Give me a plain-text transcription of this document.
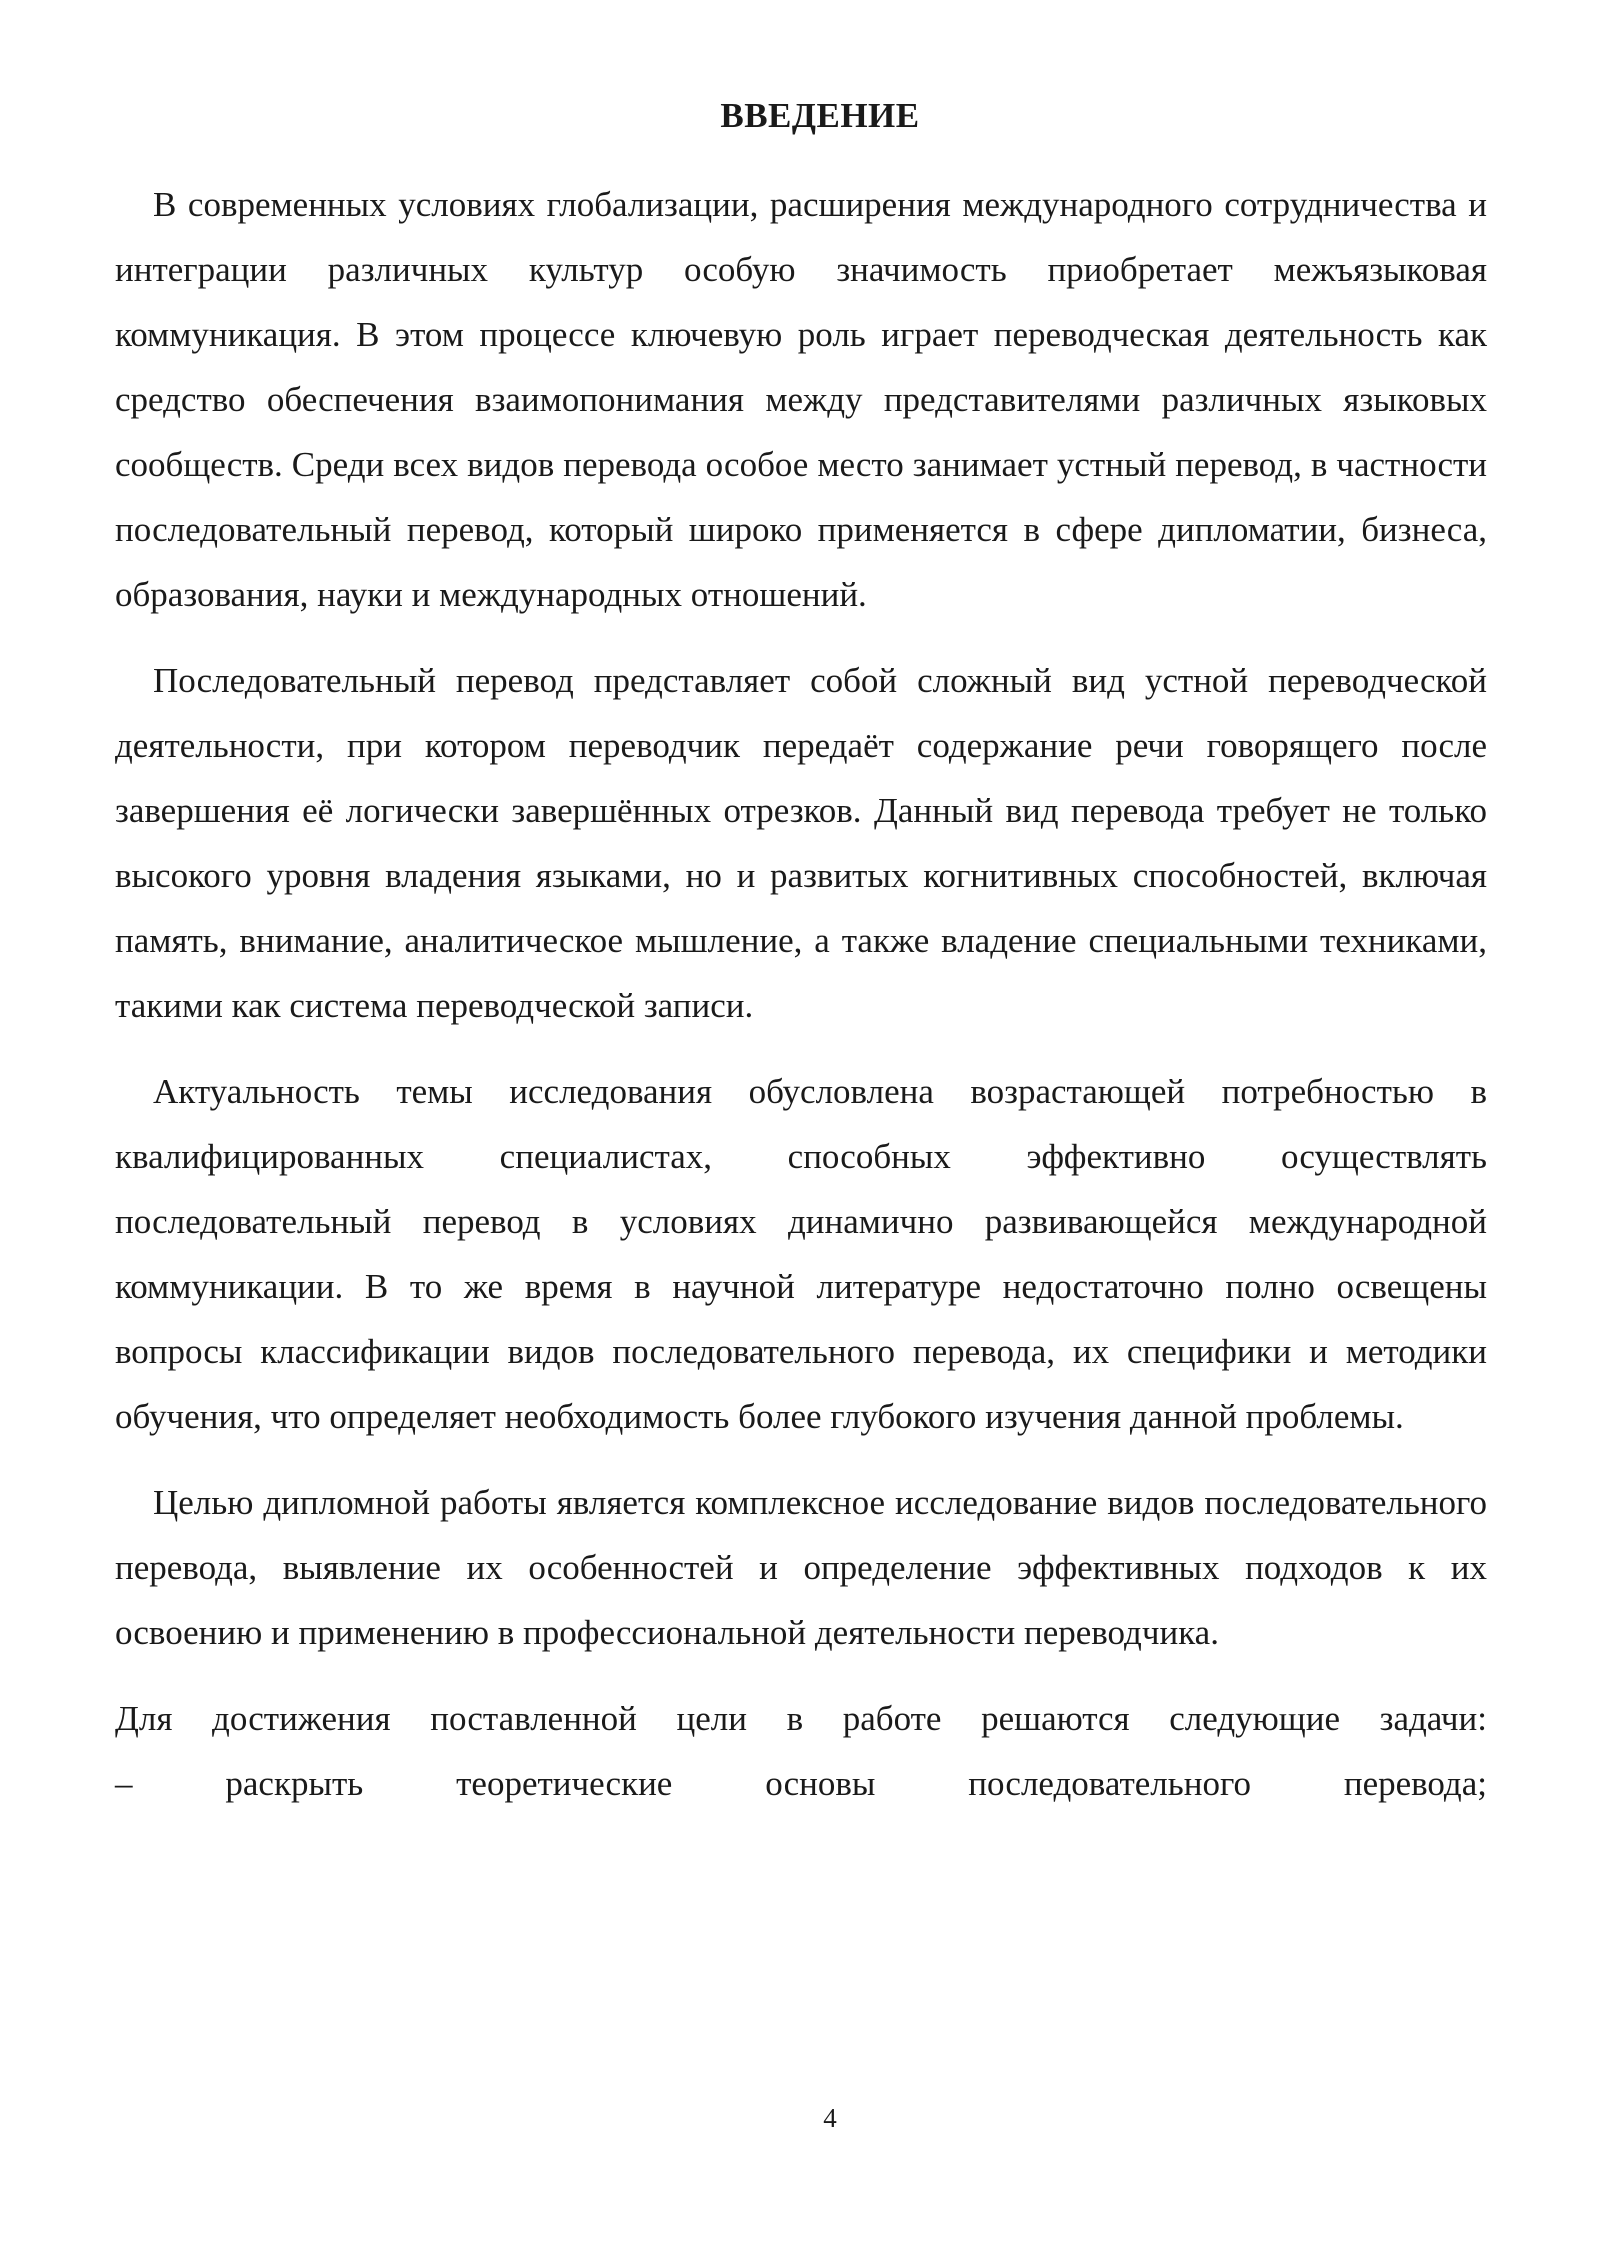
ВВЕДЕНИЕ

В современных условиях глобализации, расширения международного сотрудничества и интеграции различных культур особую значимость приобретает межъязыковая коммуникация. В этом процессе ключевую роль играет переводческая деятельность как средство обеспечения взаимопонимания между представителями различных языковых сообществ. Среди всех видов перевода особое место занимает устный перевод, в частности последовательный перевод, который широко применяется в сфере дипломатии, бизнеса, образования, науки и международных отношений.

Последовательный перевод представляет собой сложный вид устной переводческой деятельности, при котором переводчик передаёт содержание речи говорящего после завершения её логически завершённых отрезков. Данный вид перевода требует не только высокого уровня владения языками, но и развитых когнитивных способностей, включая память, внимание, аналитическое мышление, а также владение специальными техниками, такими как система переводческой записи.

Актуальность темы исследования обусловлена возрастающей потребностью в квалифицированных специалистах, способных эффективно осуществлять последовательный перевод в условиях динамично развивающейся международной коммуникации. В то же время в научной литературе недостаточно полно освещены вопросы классификации видов последовательного перевода, их специфики и методики обучения, что определяет необходимость более глубокого изучения данной проблемы.

Целью дипломной работы является комплексное исследование видов последовательного перевода, выявление их особенностей и определение эффективных подходов к их освоению и применению в профессиональной деятельности переводчика.

Для достижения поставленной цели в работе решаются следующие задачи:
– раскрыть теоретические основы последовательного перевода;

4
